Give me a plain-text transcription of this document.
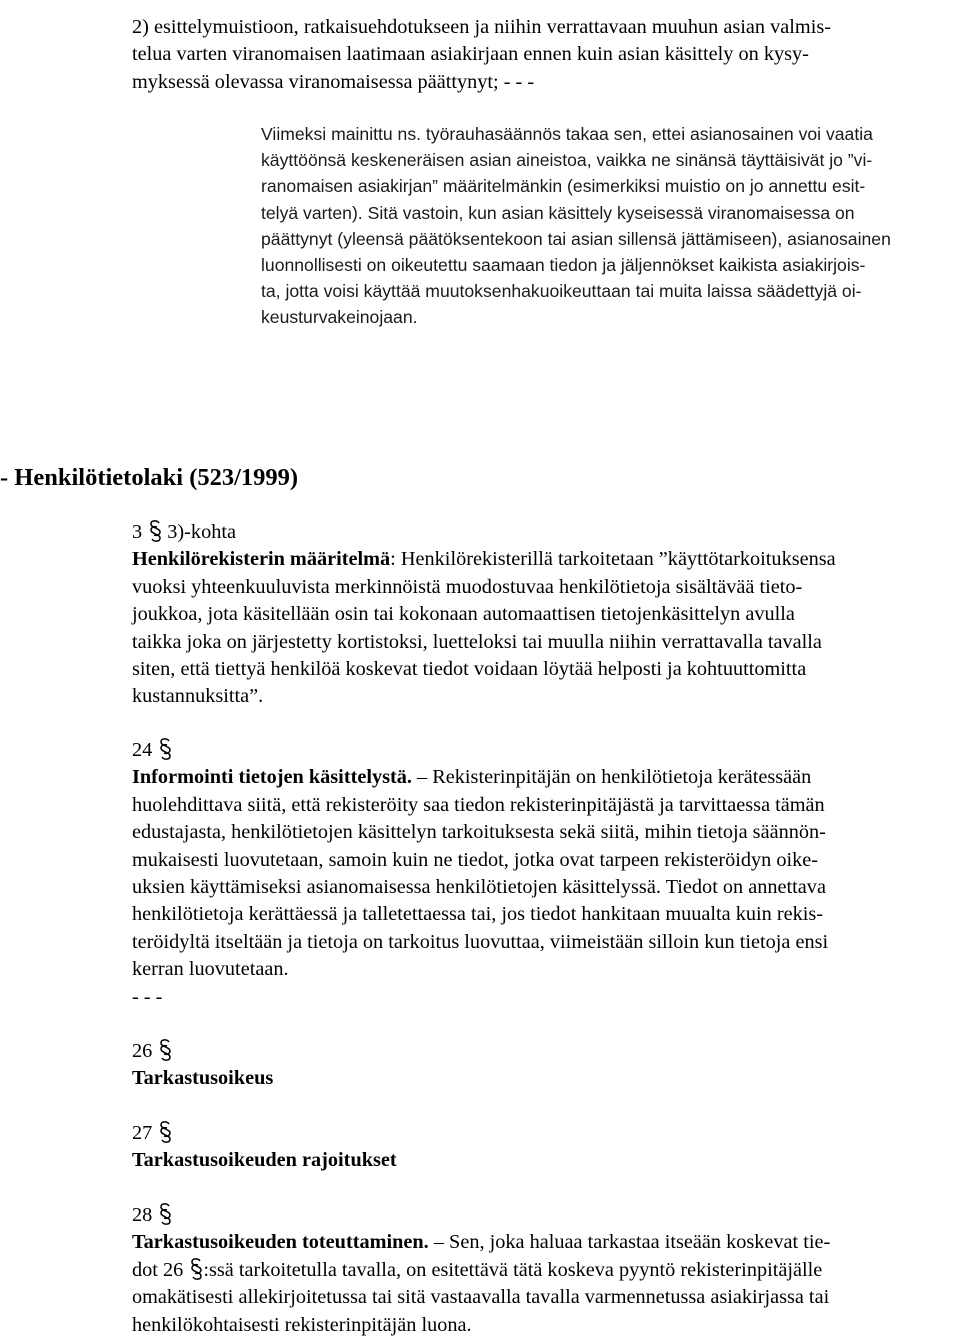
2) esittelymuistioon, ratkaisuehdotukseen ja niihin verrattavaan muuhun asian valmis-
telua varten viranomaisen laatimaan asiakirjaan ennen kuin asian käsittely on kysy-
myksessä olevassa viranomaisessa päättynyt; - - -

Viimeksi mainittu ns. työrauhasäännös takaa sen, ettei asianosainen voi vaatia
käyttöönsä keskeneräisen asian aineistoa, vaikka ne sinänsä täyttäisivät jo ”vi-
ranomaisen asiakirjan” määritelmänkin (esimerkiksi muistio on jo annettu esit-
telyä varten). Sitä vastoin, kun asian käsittely kyseisessä viranomaisessa on
päättynyt (yleensä päätöksentekoon tai asian sillensä jättämiseen), asianosainen
luonnollisesti on oikeutettu saamaan tiedon ja jäljennökset kaikista asiakirjois-
ta, jotta voisi käyttää muutoksenhakuoikeuttaan tai muita laissa säädettyjä oi-
keusturvakeinojaan.

- Henkilötietolaki (523/1999)
3  3)-kohta
Henkilörekisterin määritelmä: Henkilörekisterillä tarkoitetaan ”käyttötarkoituksensa
vuoksi yhteenkuuluvista merkinnöistä muodostuvaa henkilötietoja sisältävää tieto-
joukkoa, jota käsitellään osin tai kokonaan automaattisen tietojenkäsittelyn avulla
taikka joka on järjestetty kortistoksi, luetteloksi tai muulla niihin verrattavalla tavalla
siten, että tiettyä henkilöä koskevat tiedot voidaan löytää helposti ja kohtuuttomitta
kustannuksitta”.
24
Informointi tietojen käsittelystä. – Rekisterinpitäjän on henkilötietoja kerätessään
huolehdittava siitä, että rekisteröity saa tiedon rekisterinpitäjästä ja tarvittaessa tämän
edustajasta, henkilötietojen käsittelyn tarkoituksesta sekä siitä, mihin tietoja säännön-
mukaisesti luovutetaan, samoin kuin ne tiedot, jotka ovat tarpeen rekisteröidyn oike-
uksien käyttämiseksi asianomaisessa henkilötietojen käsittelyssä. Tiedot on annettava
henkilötietoja kerättäessä ja talletettaessa tai, jos tiedot hankitaan muualta kuin rekis-
teröidyltä itseltään ja tietoja on tarkoitus luovuttaa, viimeistään silloin kun tietoja ensi
kerran luovutetaan.
- - -
26
Tarkastusoikeus
27
Tarkastusoikeuden rajoitukset
28
Tarkastusoikeuden toteuttaminen. – Sen, joka haluaa tarkastaa itseään koskevat tie-
dot 26 :ssä tarkoitetulla tavalla, on esitettävä tätä koskeva pyyntö rekisterinpitäjälle
omakätisesti allekirjoitetussa tai sitä vastaavalla tavalla varmennetussa asiakirjassa tai
henkilökohtaisesti rekisterinpitäjän luona.
